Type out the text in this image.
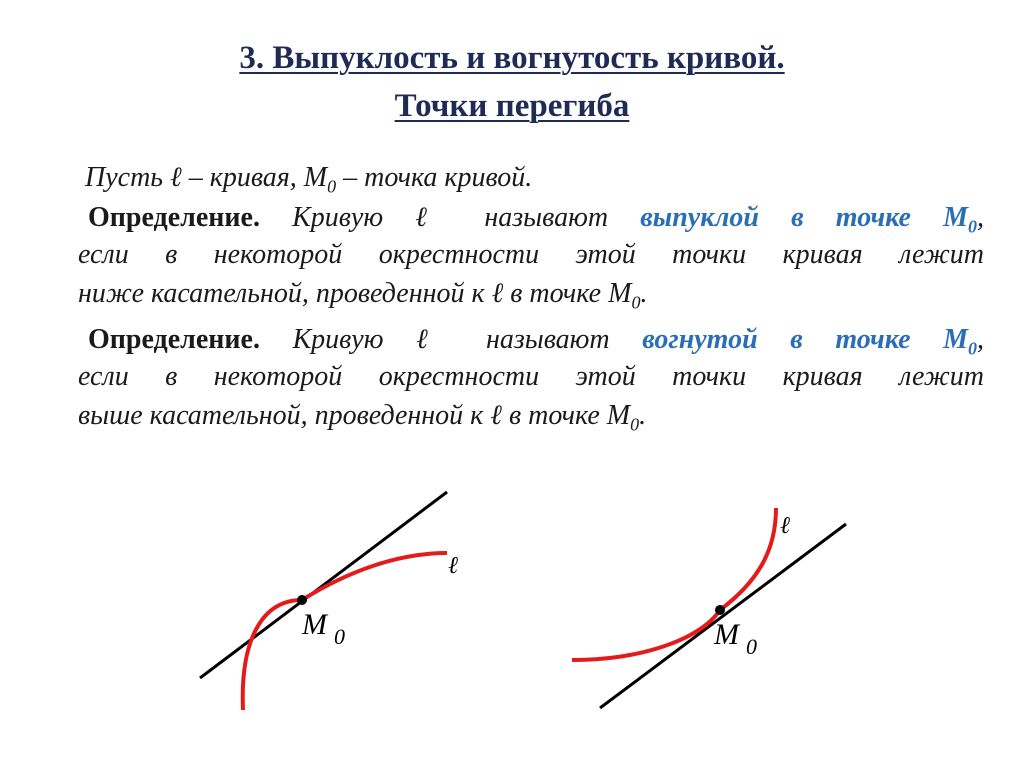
3. Выпуклость и вогнутость кривой.
Точки перегиба
Пусть ℓ – кривая, $М_0$ – точка кривой.
Определение. Кривую ℓ называют выпуклой в точке $М_0$,
если в некоторой окрестности этой точки кривая лежит
ниже касательной, проведенной к ℓ в точке $М_0$.
Определение. Кривую ℓ называют вогнутой в точке $М_0$,
если в некоторой окрестности этой точки кривая лежит
выше касательной, проведенной к ℓ в точке $М_0$.
ℓ
M 0
ℓ
M 0
